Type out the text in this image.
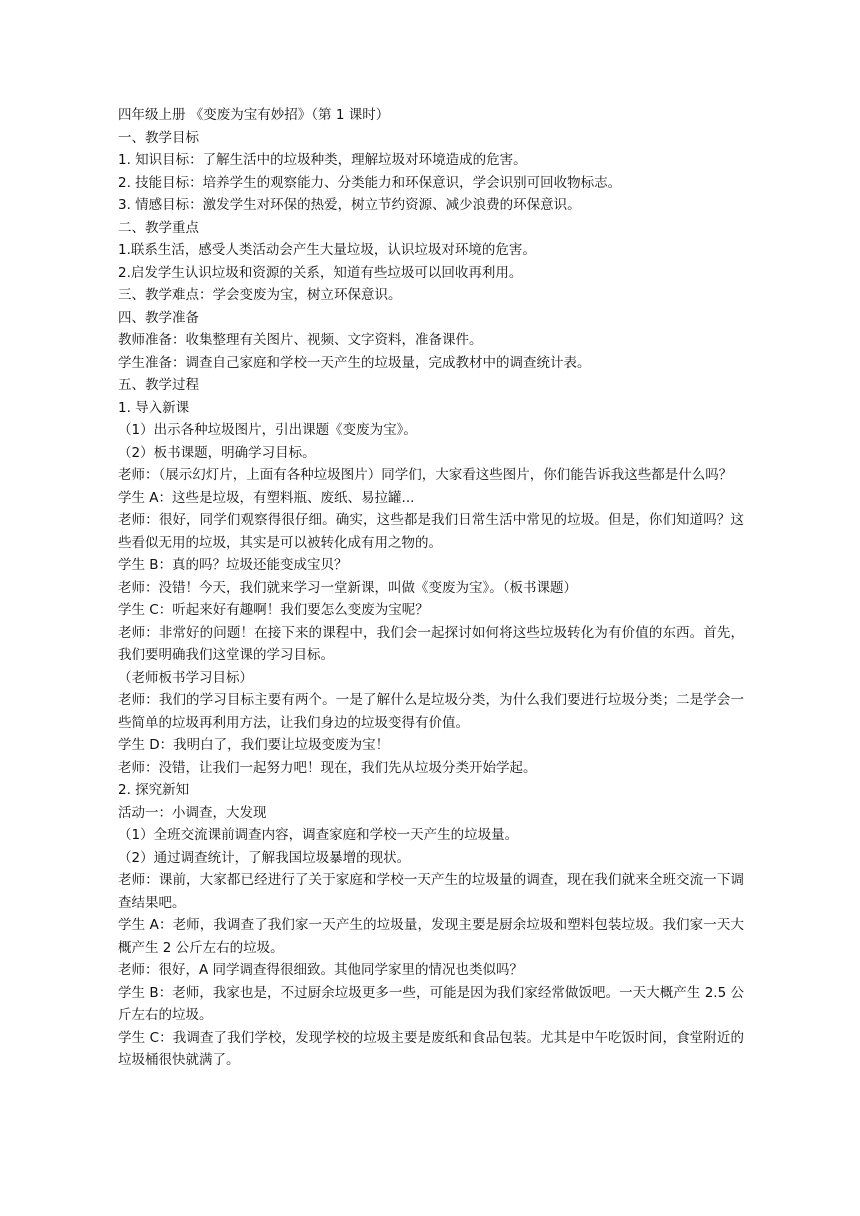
四年级上册 《变废为宝有妙招》（第 1 课时）
一、教学目标
1. 知识目标：了解生活中的垃圾种类，理解垃圾对环境造成的危害。
2. 技能目标：培养学生的观察能力、分类能力和环保意识，学会识别可回收物标志。
3. 情感目标：激发学生对环保的热爱，树立节约资源、减少浪费的环保意识。
二、教学重点
1.联系生活，感受人类活动会产生大量垃圾，认识垃圾对环境的危害。
2.启发学生认识垃圾和资源的关系，知道有些垃圾可以回收再利用。
三、教学难点：学会变废为宝，树立环保意识。
四、教学准备
教师准备：收集整理有关图片、视频、文字资料，准备课件。
学生准备：调查自己家庭和学校一天产生的垃圾量，完成教材中的调查统计表。
五、教学过程
1. 导入新课
（1）出示各种垃圾图片，引出课题《变废为宝》。
（2）板书课题，明确学习目标。
老师：（展示幻灯片，上面有各种垃圾图片）同学们，大家看这些图片，你们能告诉我这些都是什么吗？
学生 A：这些是垃圾，有塑料瓶、废纸、易拉罐...
老师：很好，同学们观察得很仔细。确实，这些都是我们日常生活中常见的垃圾。但是，你们知道吗？这些看似无用的垃圾，其实是可以被转化成有用之物的。
学生 B：真的吗？垃圾还能变成宝贝？
老师：没错！今天，我们就来学习一堂新课，叫做《变废为宝》。（板书课题）
学生 C：听起来好有趣啊！我们要怎么变废为宝呢？
老师：非常好的问题！在接下来的课程中，我们会一起探讨如何将这些垃圾转化为有价值的东西。首先，我们要明确我们这堂课的学习目标。
（老师板书学习目标）
老师：我们的学习目标主要有两个。一是了解什么是垃圾分类，为什么我们要进行垃圾分类；二是学会一些简单的垃圾再利用方法，让我们身边的垃圾变得有价值。
学生 D：我明白了，我们要让垃圾变废为宝！
老师：没错，让我们一起努力吧！现在，我们先从垃圾分类开始学起。
2. 探究新知
活动一：小调查，大发现
（1）全班交流课前调查内容，调查家庭和学校一天产生的垃圾量。
（2）通过调查统计，了解我国垃圾暴增的现状。
老师：课前，大家都已经进行了关于家庭和学校一天产生的垃圾量的调查，现在我们就来全班交流一下调查结果吧。
学生 A：老师，我调查了我们家一天产生的垃圾量，发现主要是厨余垃圾和塑料包装垃圾。我们家一天大概产生 2 公斤左右的垃圾。
老师：很好，A 同学调查得很细致。其他同学家里的情况也类似吗？
学生 B：老师，我家也是，不过厨余垃圾更多一些，可能是因为我们家经常做饭吧。一天大概产生 2.5 公斤左右的垃圾。
学生 C：我调查了我们学校，发现学校的垃圾主要是废纸和食品包装。尤其是中午吃饭时间，食堂附近的垃圾桶很快就满了。
